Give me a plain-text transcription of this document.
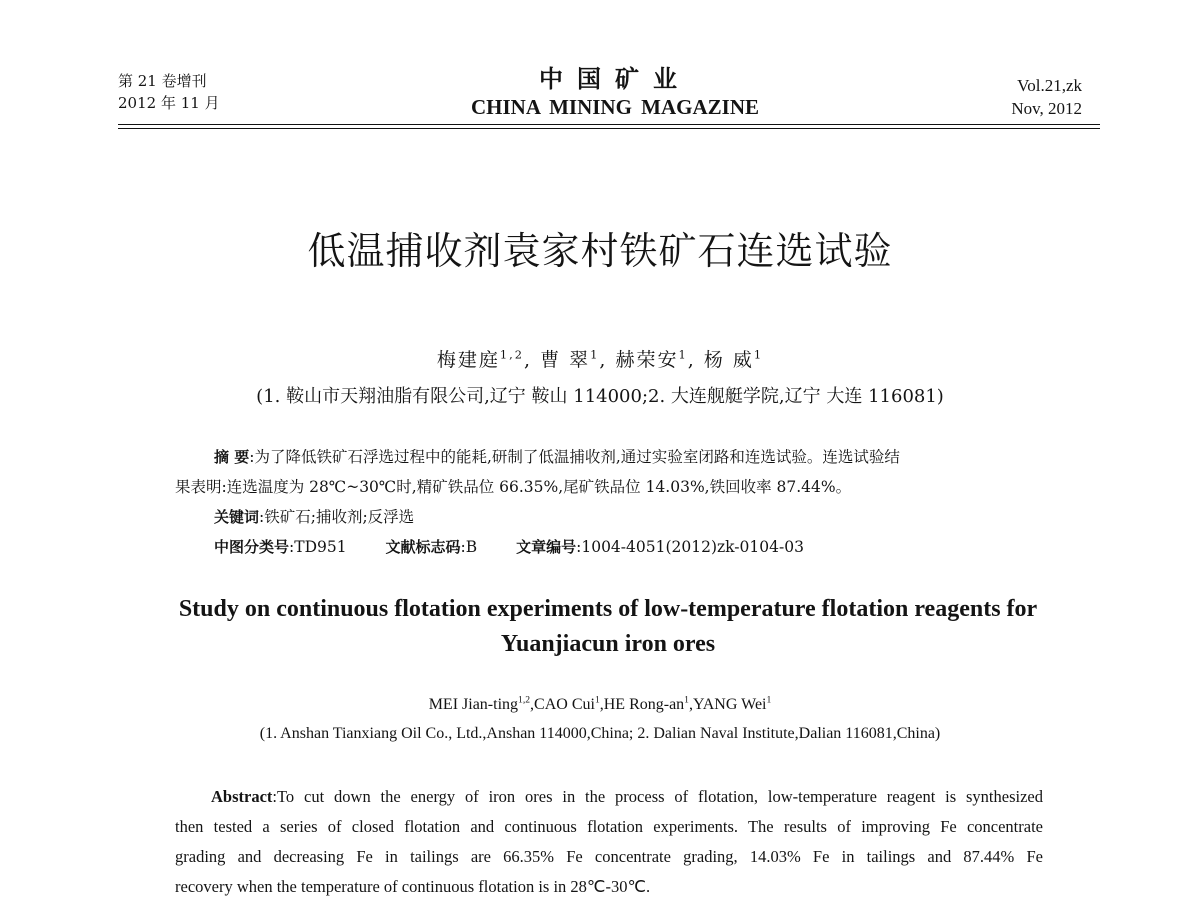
第 21 卷增刊
2012 年 11 月
中国矿业
CHINA MINING MAGAZINE
Vol.21,zk
Nov, 2012
低温捕收剂袁家村铁矿石连选试验
梅建庭$^{1,2}$, 曹 翠$^1$, 赫荣安$^1$, 杨 威$^1$
(1. 鞍山市天翔油脂有限公司,辽宁 鞍山 114000;2. 大连舰艇学院,辽宁 大连 116081)
摘 要:为了降低铁矿石浮选过程中的能耗,研制了低温捕收剂,通过实验室闭路和连选试验。连选试验结
果表明:连选温度为 28℃~30℃时,精矿铁品位 66.35%,尾矿铁品位 14.03%,铁回收率 87.44%。
关键词:铁矿石;捕收剂;反浮选
中图分类号:TD951	文献标志码:B	文章编号:1004-4051(2012)zk-0104-03
Study on continuous flotation experiments of low-temperature flotation reagents for Yuanjiacun iron ores
MEI Jian-ting$^{1,2}$,CAO Cui$^1$,HE Rong-$an^1,YANG$ Wei$^1$
(1. Anshan Tianxiang Oil Co., Ltd.,Anshan 114000,China; 2. Dalian Naval Institute,Dalian 116081,China)
Abstract:To cut down the energy of iron ores in the process of flotation, low-temperature reagent is synthesized
then tested a series of closed flotation and continuous flotation experiments. The results of improving Fe concentrate
grading and decreasing Fe in tailings are 66.35% Fe concentrate grading, 14.03% Fe in tailings and 87.44% Fe
recovery when the temperature of continuous flotation is in 28℃-30℃.
